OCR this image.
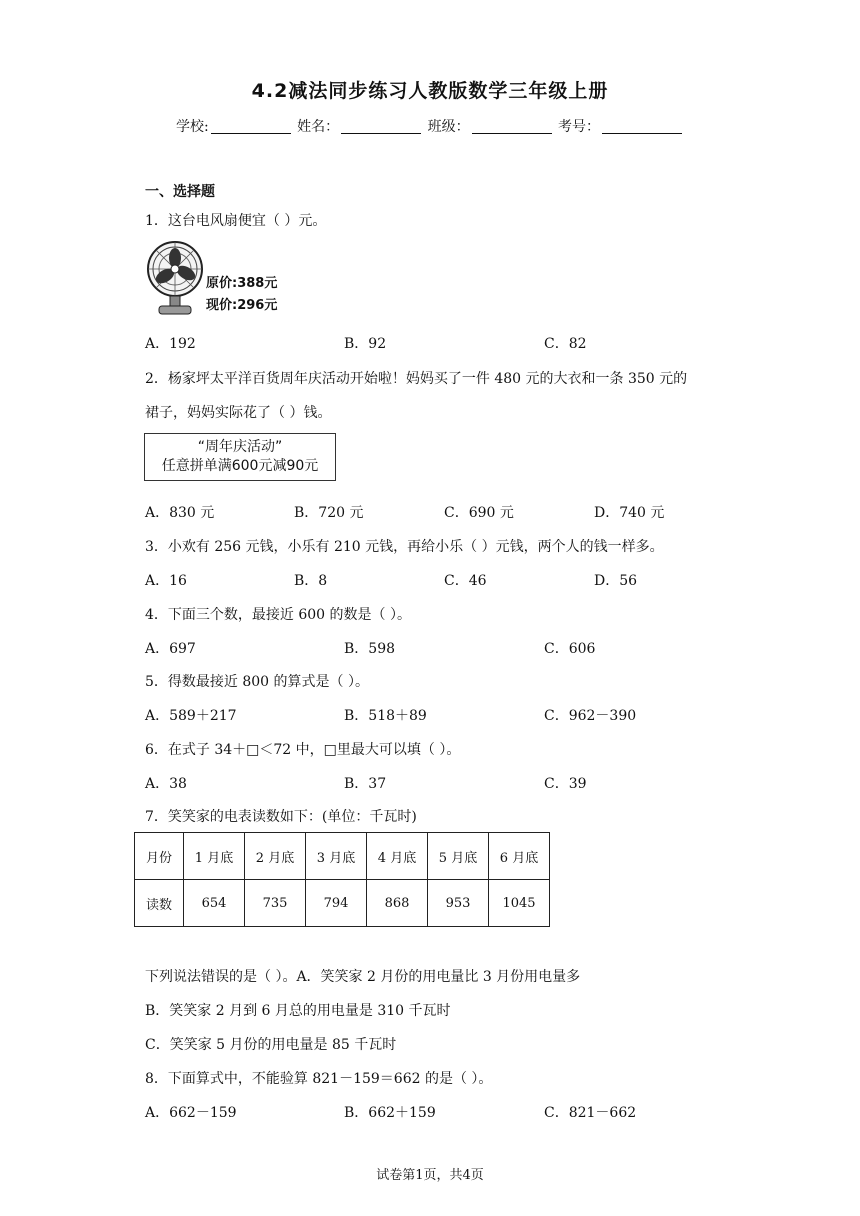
4.2减法同步练习人教版数学三年级上册
学校:	姓名：	班级：	考号：
一、选择题
1．这台电风扇便宜（ ）元。
原价:388元
现价:296元
A．192	B．92	C．82
2．杨家坪太平洋百货周年庆活动开始啦！妈妈买了一件 480 元的大衣和一条 350 元的
裙子，妈妈实际花了（ ）钱。
“周年庆活动”
任意拼单满600元减90元
A．830 元	B．720 元	C．690 元	D．740 元
3．小欢有 256 元钱，小乐有 210 元钱，再给小乐（ ）元钱，两个人的钱一样多。
A．16	B．8	C．46	D．56
4．下面三个数，最接近 600 的数是（ ）。
A．697	B．598	C．606
5．得数最接近 800 的算式是（ ）。
A．589＋217	B．518＋89	C．962－390
6．在式子 34＋□＜72 中，□里最大可以填（ ）。
A．38	B．37	C．39
7．笑笑家的电表读数如下：(单位：千瓦时)
月份	1 月底	2 月底	3 月底	4 月底	5 月底	6 月底
读数	654	735	794	868	953	1045
下列说法错误的是（ ）。A．笑笑家 2 月份的用电量比 3 月份用电量多
B．笑笑家 2 月到 6 月总的用电量是 310 千瓦时
C．笑笑家 5 月份的用电量是 85 千瓦时
8．下面算式中，不能验算 821－159＝662 的是（ ）。
A．662－159	B．662＋159	C．821－662
试卷第1页，共4页
